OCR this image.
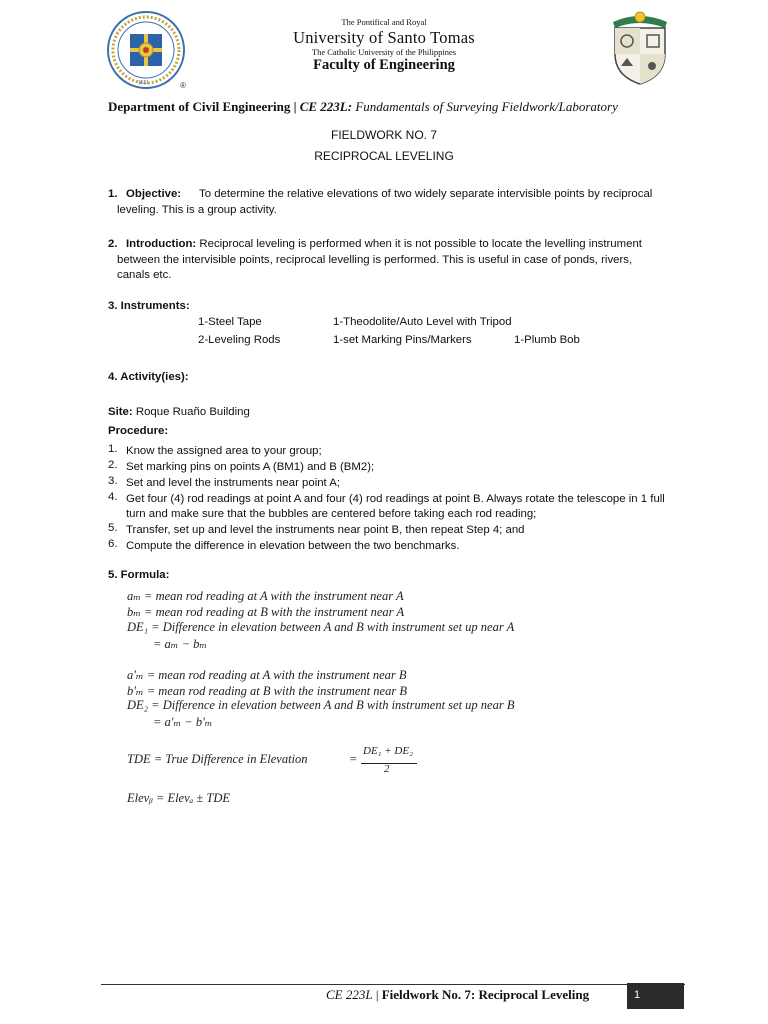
®
1611
The Pontifical and Royal
University of Santo Tomas
The Catholic University of the Philippines
Faculty of Engineering
Department of Civil Engineering | CE 223L: Fundamentals of Surveying Fieldwork/Laboratory
FIELDWORK NO. 7
RECIPROCAL LEVELING
1. Objective: To determine the relative elevations of two widely separate intervisible points by reciprocal
leveling. This is a group activity.
2. Introduction: Reciprocal leveling is performed when it is not possible to locate the levelling instrument
between the intervisible points, reciprocal levelling is performed. This is useful in case of ponds, rivers,
canals etc.
3. Instruments:
1-Steel Tape	1-Theodolite/Auto Level with Tripod
2-Leveling Rods	1-set Marking Pins/Markers	1-Plumb Bob
4. Activity(ies):
Site: Roque Ruaño Building
Procedure:
1. Know the assigned area to your group;
2. Set marking pins on points A (BM1) and B (BM2);
3. Set and level the instruments near point A;
4. Get four (4) rod readings at point A and four (4) rod readings at point B. Always rotate the telescope in 1 full
turn and make sure that the bubbles are centered before taking each rod reading;
5. Transfer, set up and level the instruments near point B, then repeat Step 4; and
6. Compute the difference in elevation between the two benchmarks.
5. Formula:
aₘ = mean rod reading at A with the instrument near A
bₘ = mean rod reading at B with the instrument near A
DE₁ = Difference in elevation between A and B with instrument set up near A
= aₘ − bₘ
a'ₘ = mean rod reading at A with the instrument near B
b'ₘ = mean rod reading at B with the instrument near B
DE₂ = Difference in elevation between A and B with instrument set up near B
= a'ₘ − b'ₘ
TDE = True Difference in Elevation	=
DE₁ + DE₂
2
Elevᵦ = Elevₐ ± TDE
CE 223L | Fieldwork No. 7: Reciprocal Leveling	1
